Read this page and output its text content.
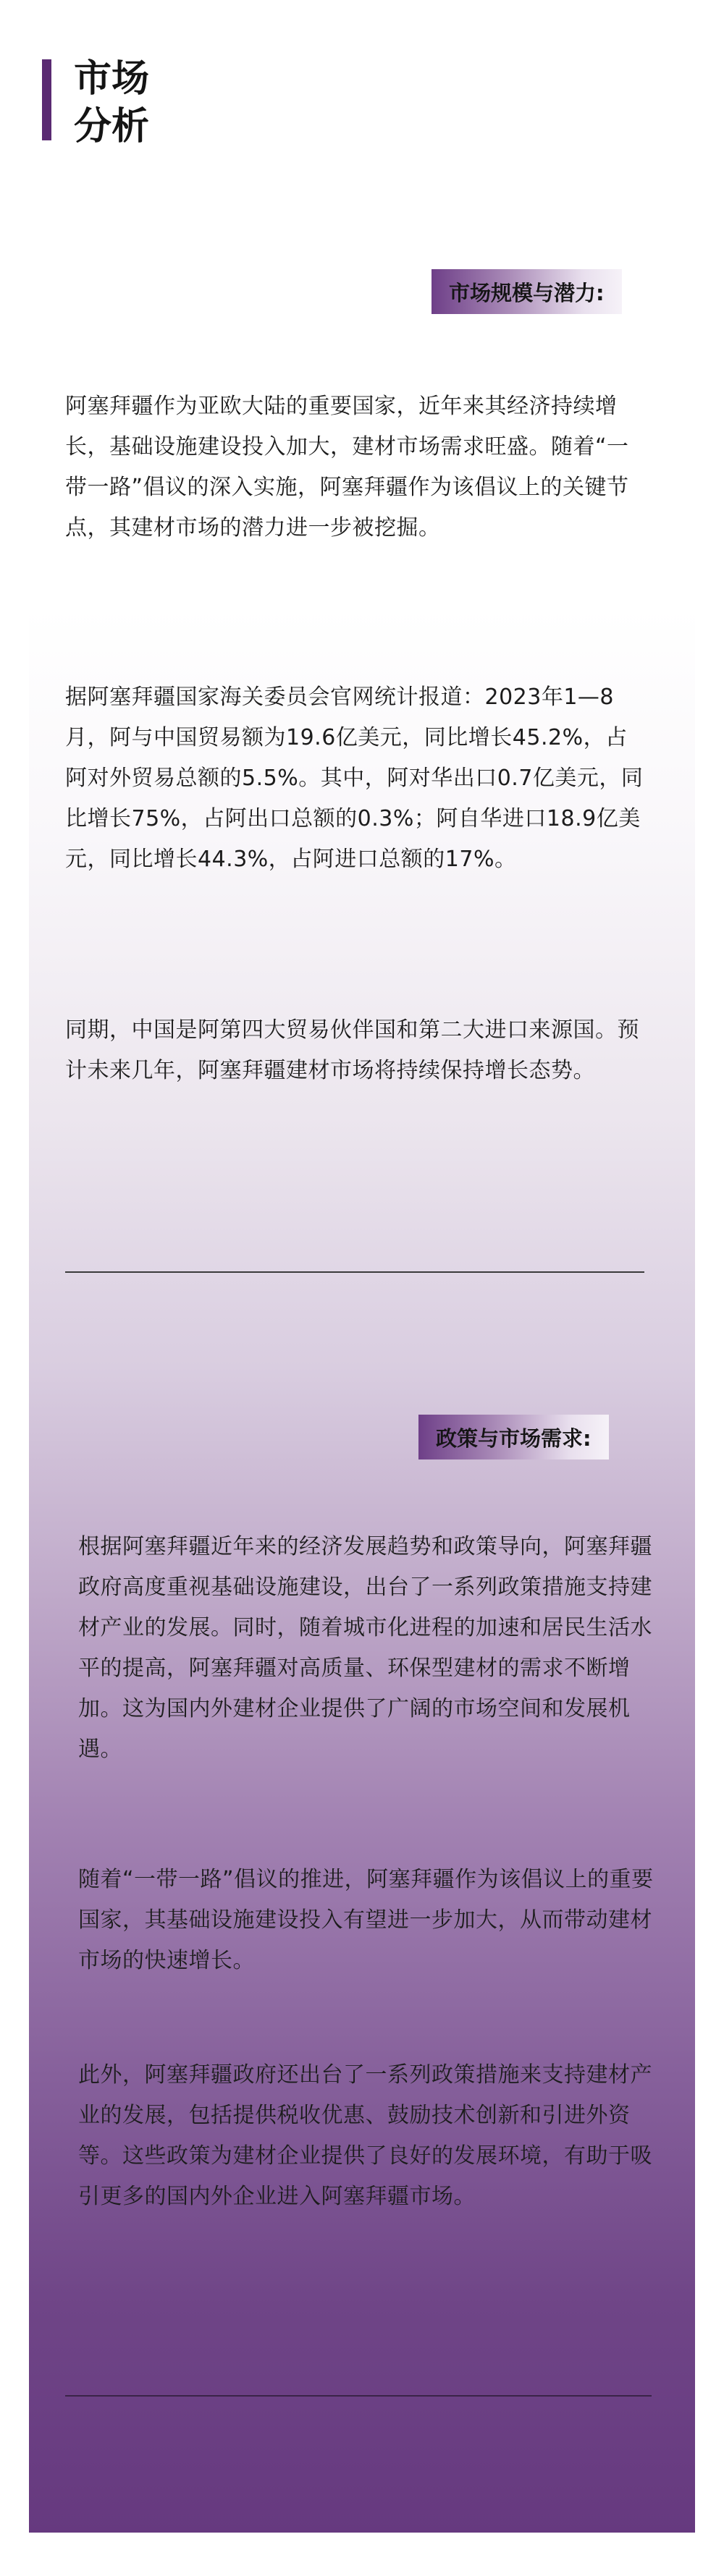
市场
分析
市场规模与潜力:

阿塞拜疆作为亚欧大陆的重要国家，近年来其经济持续增长，基础设施建设投入加大，建材市场需求旺盛。随着“一带一路”倡议的深入实施，阿塞拜疆作为该倡议上的关键节点，其建材市场的潜力进一步被挖掘。

据阿塞拜疆国家海关委员会官网统计报道：2023年1—8月，阿与中国贸易额为19.6亿美元，同比增长45.2%，占阿对外贸易总额的5.5%。其中，阿对华出口0.7亿美元，同比增长75%，占阿出口总额的0.3%；阿自华进口18.9亿美元，同比增长44.3%，占阿进口总额的17%。

同期，中国是阿第四大贸易伙伴国和第二大进口来源国。预计未来几年，阿塞拜疆建材市场将持续保持增长态势。

政策与市场需求:

根据阿塞拜疆近年来的经济发展趋势和政策导向，阿塞拜疆政府高度重视基础设施建设，出台了一系列政策措施支持建材产业的发展。同时，随着城市化进程的加速和居民生活水平的提高，阿塞拜疆对高质量、环保型建材的需求不断增加。这为国内外建材企业提供了广阔的市场空间和发展机遇。

随着“一带一路”倡议的推进，阿塞拜疆作为该倡议上的重要国家，其基础设施建设投入有望进一步加大，从而带动建材市场的快速增长。

此外，阿塞拜疆政府还出台了一系列政策措施来支持建材产业的发展，包括提供税收优惠、鼓励技术创新和引进外资等。这些政策为建材企业提供了良好的发展环境，有助于吸引更多的国内外企业进入阿塞拜疆市场。
